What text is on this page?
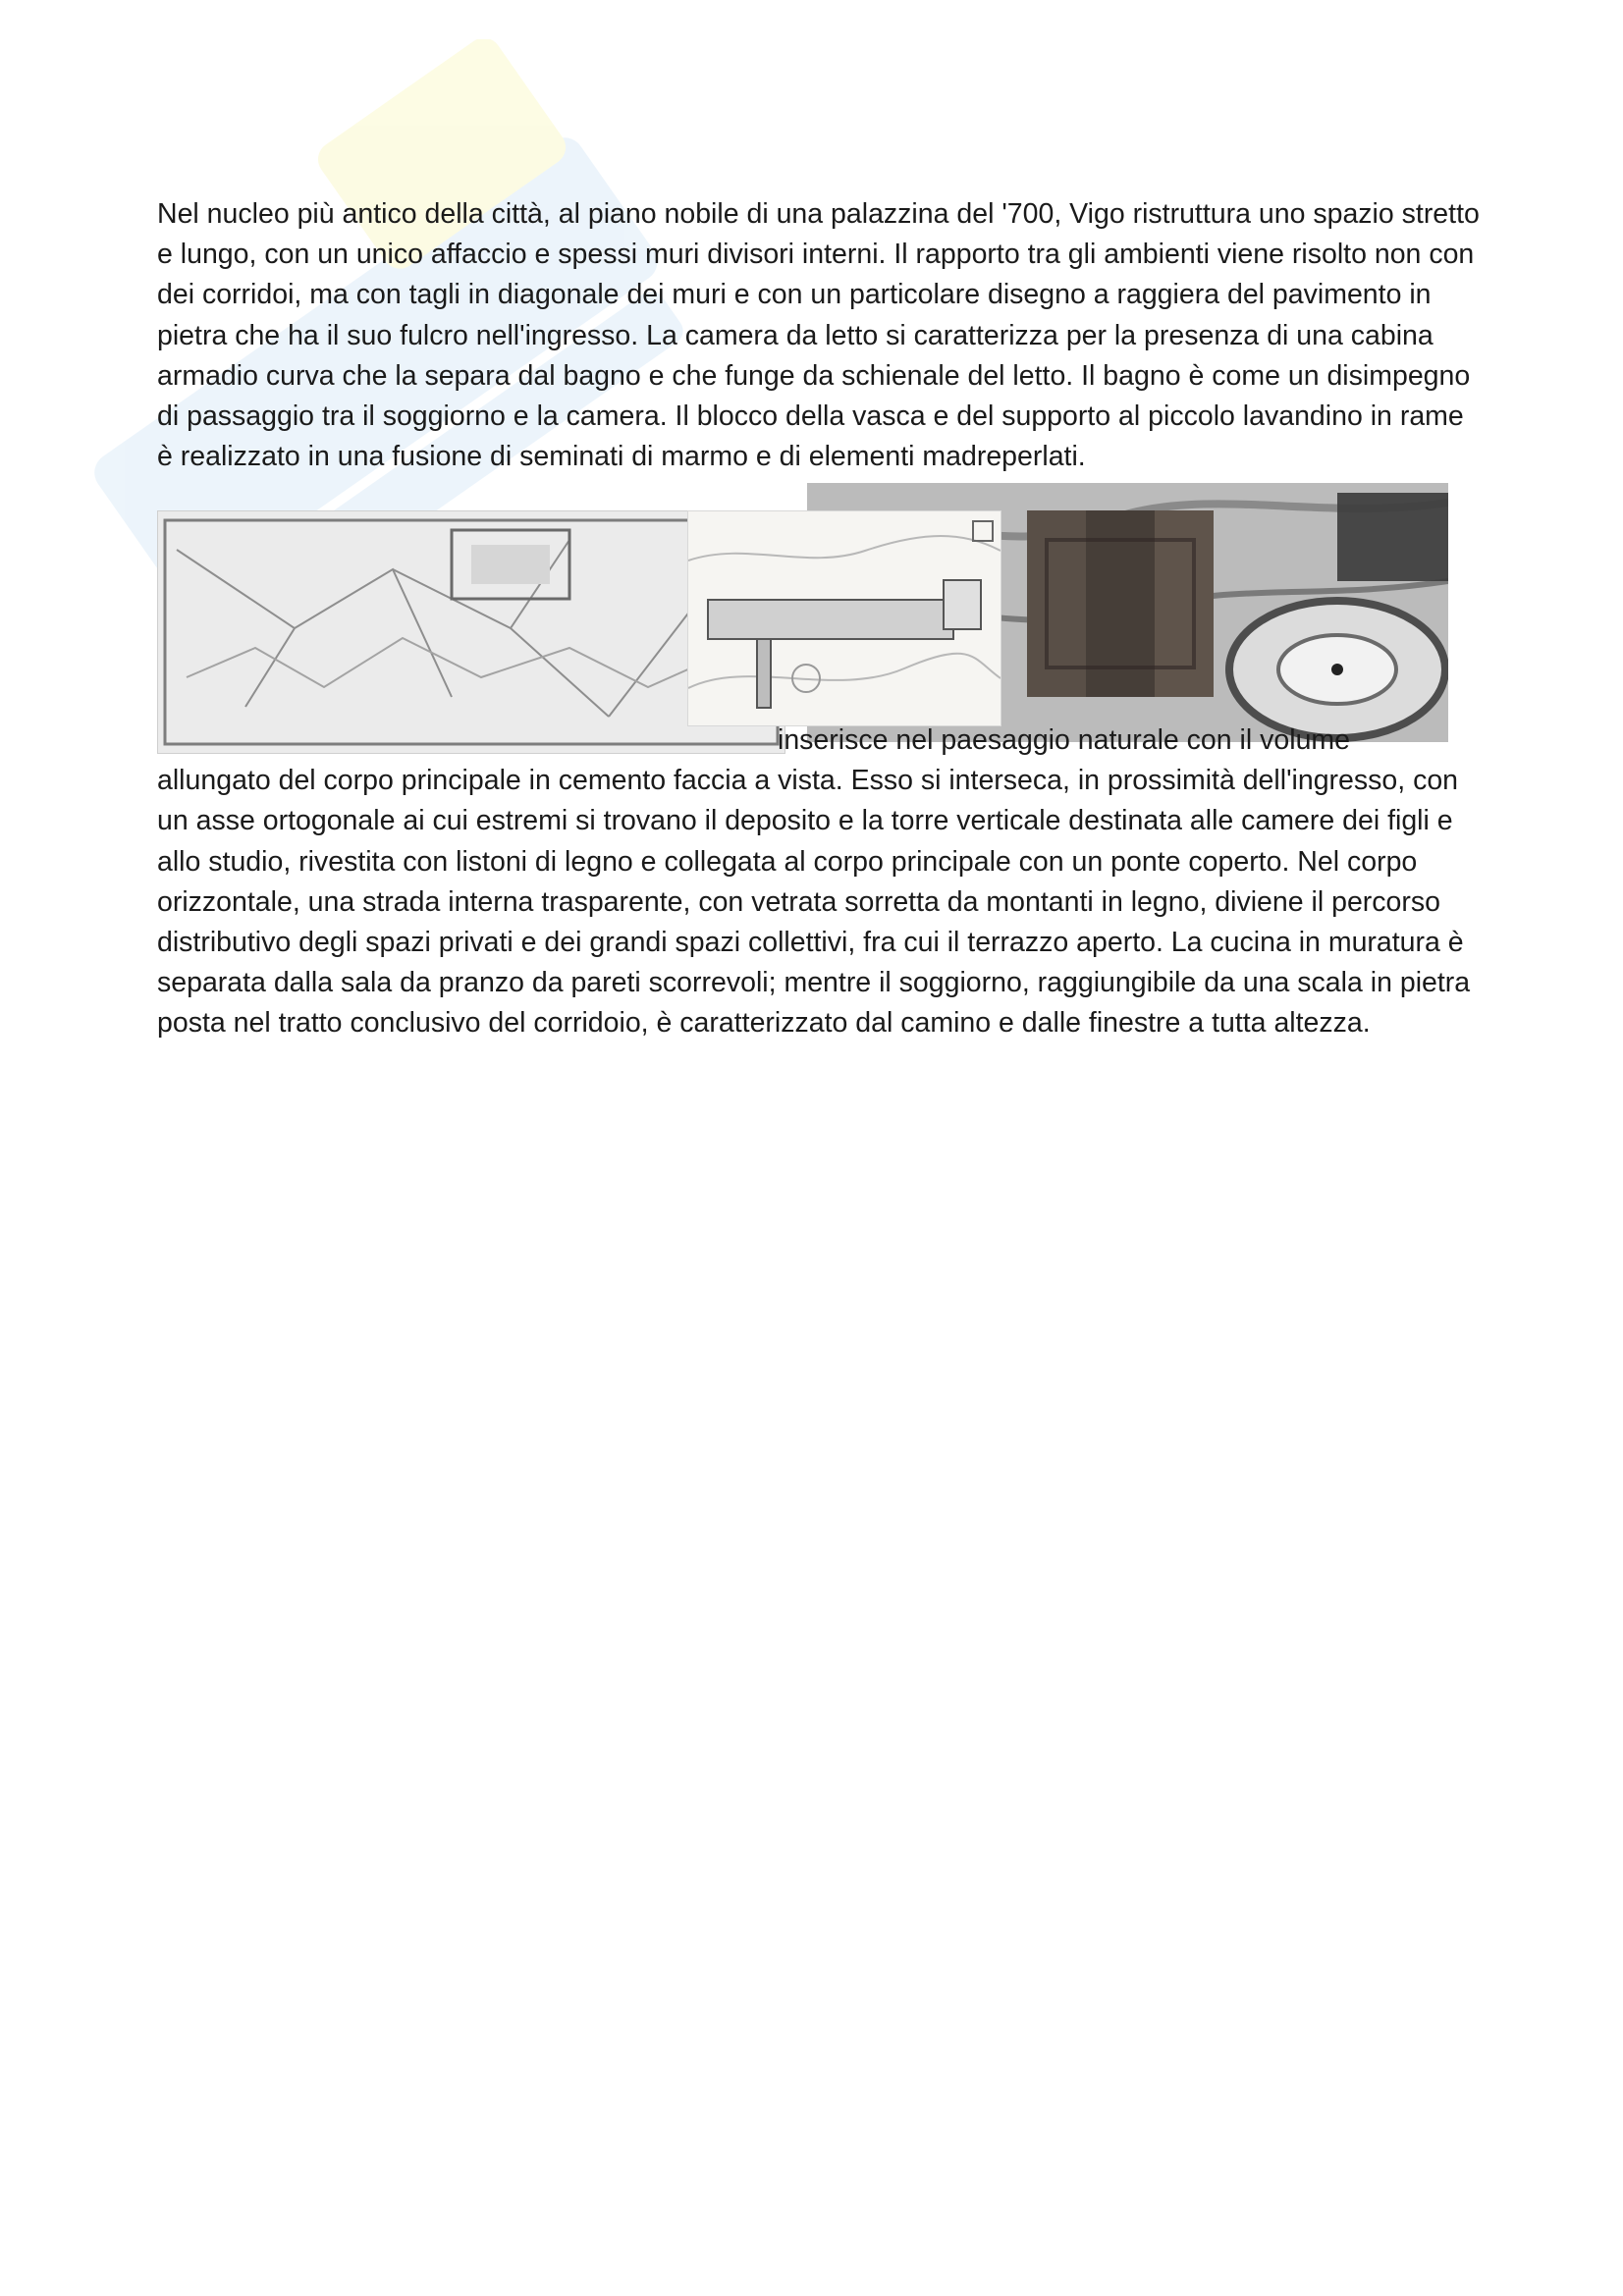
Nel nucleo più antico della città, al piano nobile di una palazzina del '700, Vigo ristruttura uno spazio stretto e lungo, con un unico affaccio e spessi muri divisori interni. Il rapporto tra gli ambienti viene risolto non con dei corridoi, ma con tagli in diagonale dei muri e con un particolare disegno a raggiera del pavimento in pietra che ha il suo fulcro nell'ingresso. La camera da letto si caratterizza per la presenza di una cabina armadio curva che la separa dal bagno e che funge da schienale del letto. Il bagno è come un disimpegno di passaggio tra il soggiorno e la camera. Il blocco della vasca e del supporto al piccolo lavandino in rame è realizzato in una fusione di seminati di marmo e di elementi madreperlati.

inserisce nel paesaggio naturale con il volume
allungato del corpo principale in cemento faccia a vista. Esso si interseca, in prossimità dell'ingresso, con un asse ortogonale ai cui estremi si trovano il deposito e la torre verticale destinata alle camere dei figli e allo studio, rivestita con listoni di legno e collegata al corpo principale con un ponte coperto. Nel corpo orizzontale, una strada interna trasparente, con vetrata sorretta da montanti in legno, diviene il percorso distributivo degli spazi privati e dei grandi spazi collettivi, fra cui il terrazzo aperto. La cucina in muratura è separata dalla sala da pranzo da pareti scorrevoli; mentre il soggiorno, raggiungibile da una scala in pietra posta nel tratto conclusivo del corridoio, è caratterizzato dal camino e dalle finestre a tutta altezza.
